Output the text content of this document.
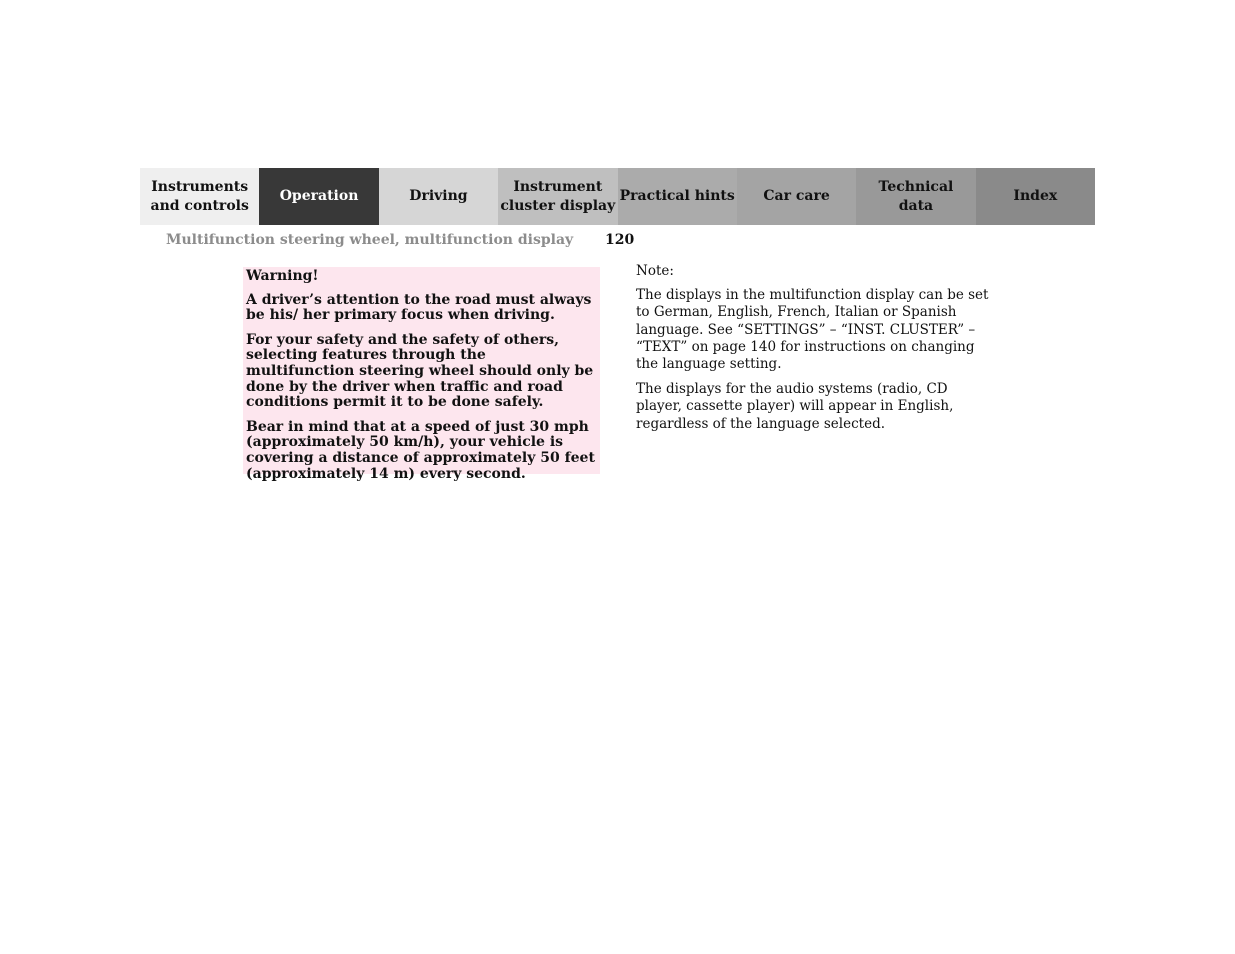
Instruments
and controls
Operation	Driving
Instrument
cluster display
Practical hints	Car care
Technical
data
Index
Multifunction steering wheel, multifunction display 120

Warning!

A driver’s attention to the road must always be his/ her primary focus when driving.

For your safety and the safety of others, selecting features through the multifunction steering wheel should only be done by the driver when traffic and road conditions permit it to be done safely.

Bear in mind that at a speed of just 30 mph (approximately 50 km/h), your vehicle is covering a distance of approximately 50 feet (approximately 14 m) every second.

Note:

The displays in the multifunction display can be set to German, English, French, Italian or Spanish language. See “SETTINGS” – “INST. CLUSTER” – “TEXT” on page 140 for instructions on changing the language setting.

The displays for the audio systems (radio, CD player, cassette player) will appear in English, regardless of the language selected.
